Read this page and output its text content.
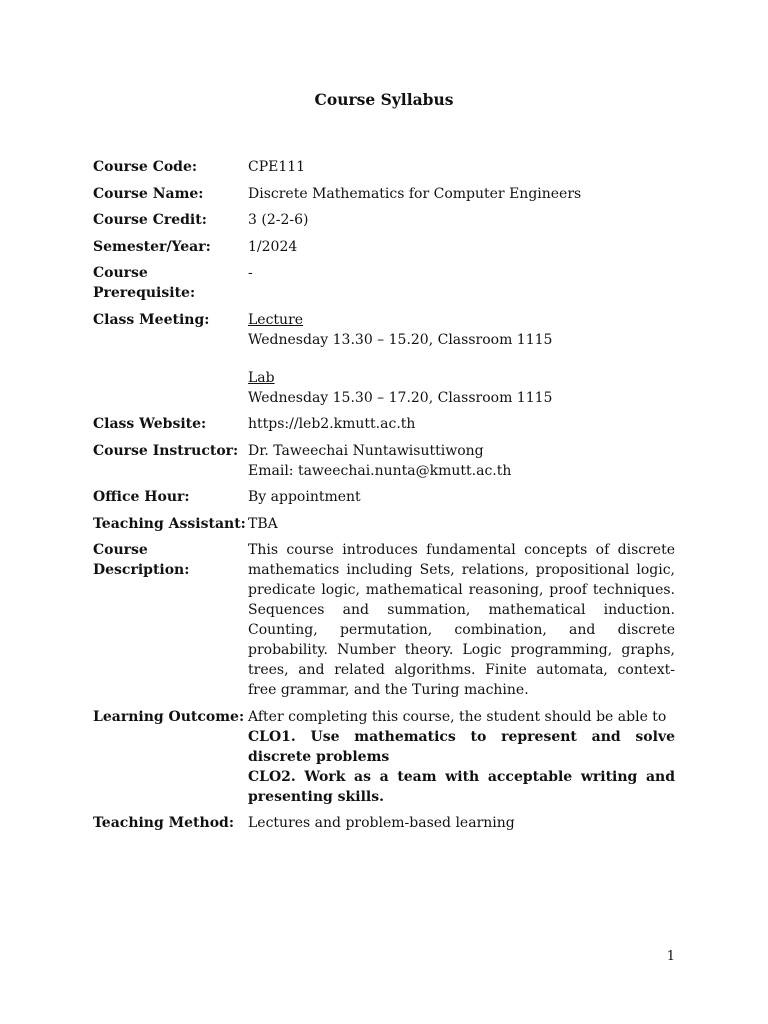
Course Syllabus
Course Code:	CPE111
Course Name:	Discrete Mathematics for Computer Engineers
Course Credit:	3 (2-2-6)
Semester/Year:	1/2024
Course
Prerequisite:
-
Class Meeting:	Lecture
Wednesday 13.30 – 15.20, Classroom 1115
Lab
Wednesday 15.30 – 17.20, Classroom 1115
Class Website:	https://leb2.kmutt.ac.th
Course Instructor: Dr. Taweechai Nuntawisuttiwong
Email: taweechai.nunta@kmutt.ac.th
Office Hour:	By appointment
Teaching Assistant: TBA
Course
Description:
This course introduces fundamental concepts of discrete mathematics including Sets, relations, propositional logic, predicate logic, mathematical reasoning, proof techniques. Sequences and summation, mathematical induction. Counting, permutation, combination, and discrete probability. Number theory. Logic programming, graphs, trees, and related algorithms. Finite automata, context- free grammar, and the Turing machine.
Learning Outcome: After completing this course, the student should be able to
CLO1. Use mathematics to represent and solve discrete problems
CLO2. Work as a team with acceptable writing and presenting skills.
Teaching Method:	Lectures and problem-based learning
1
